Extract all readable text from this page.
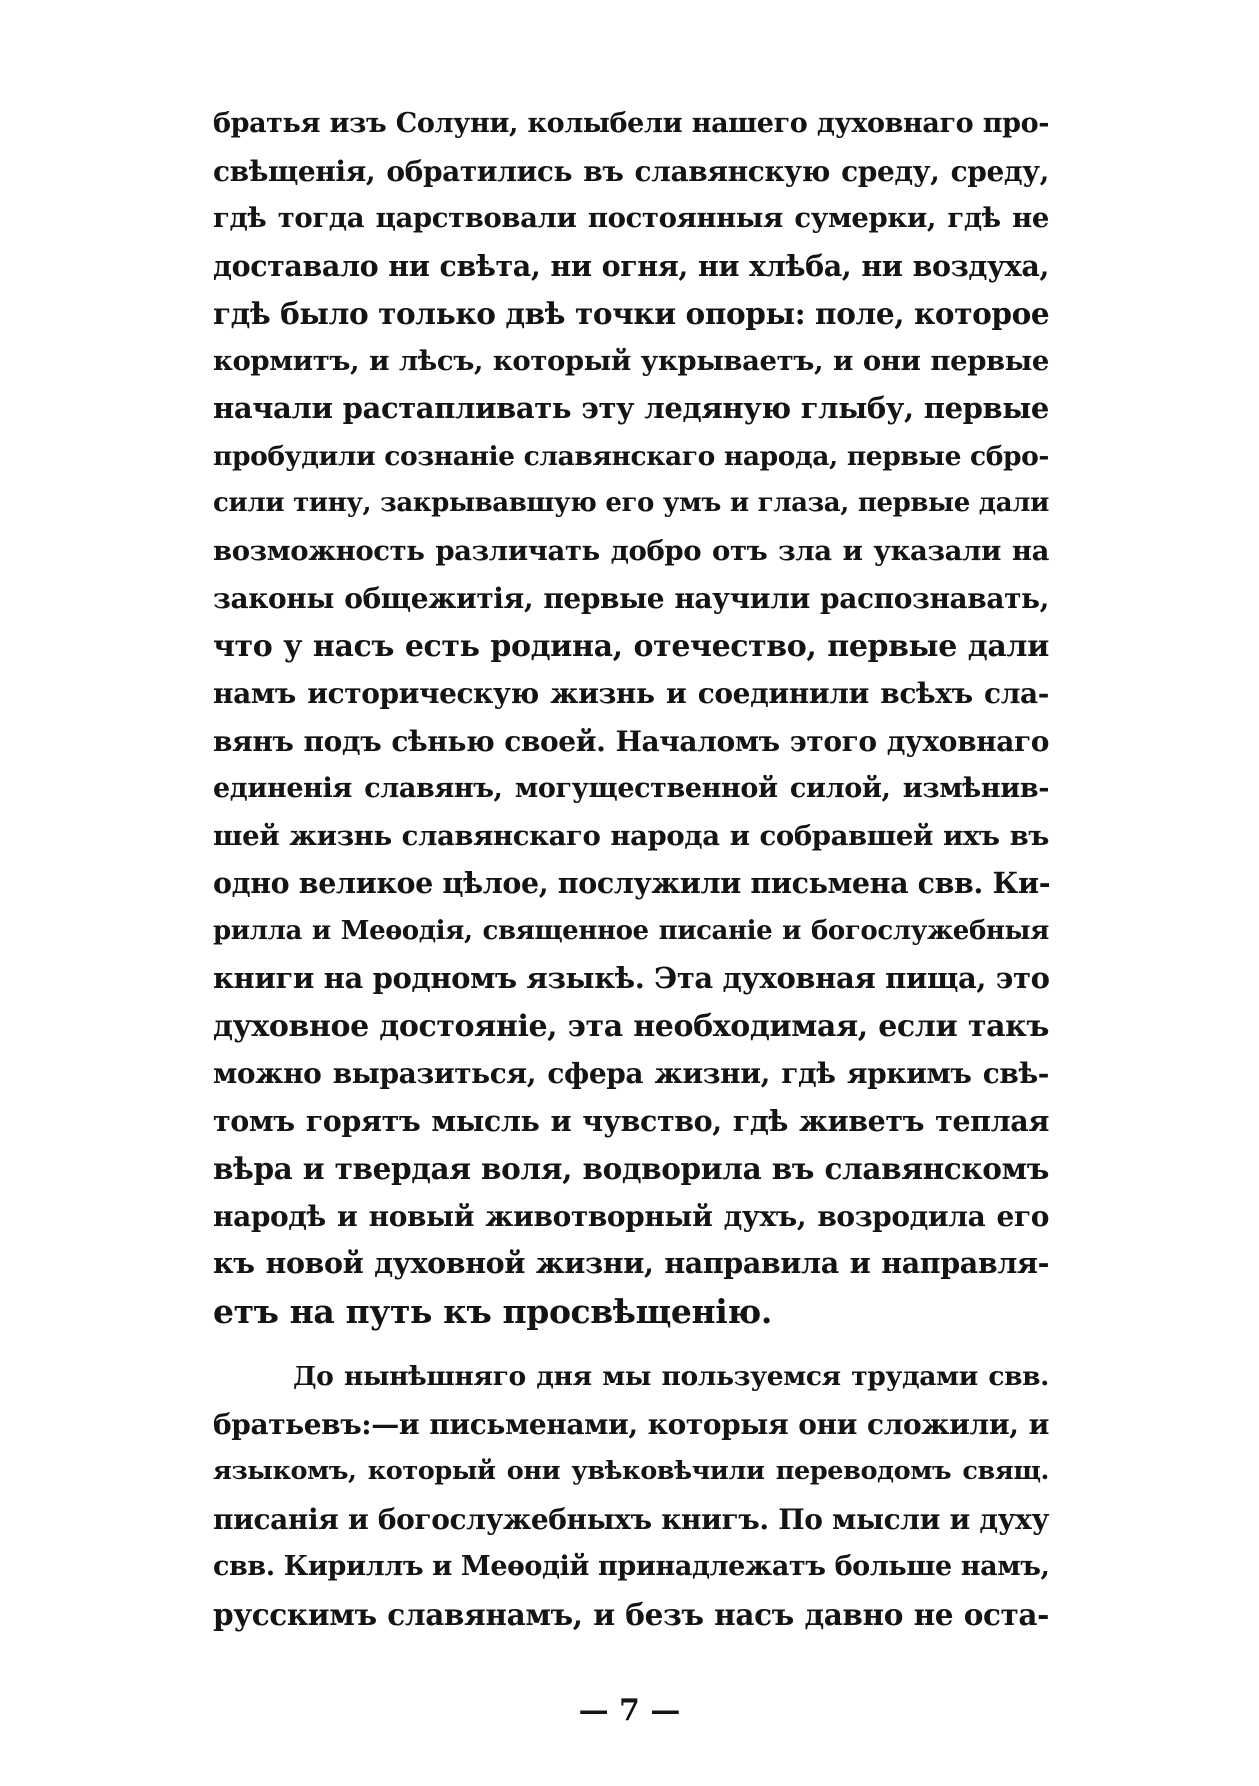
братья изъ Солуни, колыбели нашего духовнаго про-
свѣщенія, обратились въ славянскую среду, среду,
гдѣ тогда царствовали постоянныя сумерки, гдѣ не
доставало ни свѣта, ни огня, ни хлѣба, ни воздуха,
гдѣ было только двѣ точки опоры: поле, которое
кормитъ, и лѣсъ, который укрываетъ, и они первые
начали растапливать эту ледяную глыбу, первые
пробудили сознаніе славянскаго народа, первые сбро-
сили тину, закрывавшую его умъ и глаза, первые дали
возможность различать добро отъ зла и указали на
законы общежитія, первые научили распознавать,
что у насъ есть родина, отечество, первые дали
намъ историческую жизнь и соединили всѣхъ сла-
вянъ подъ сѣнью своей. Началомъ этого духовнаго
единенія славянъ, могущественной силой, измѣнив-
шей жизнь славянскаго народа и собравшей ихъ въ
одно великое цѣлое, послужили письмена свв. Ки-
рилла и Меѳодія, священное писаніе и богослужебныя
книги на родномъ языкѣ. Эта духовная пища, это
духовное достояніе, эта необходимая, если такъ
можно выразиться, сфера жизни, гдѣ яркимъ свѣ-
томъ горятъ мысль и чувство, гдѣ живетъ теплая
вѣра и твердая воля, водворила въ славянскомъ
народѣ и новый животворный духъ, возродила его
къ новой духовной жизни, направила и направля-
етъ на путь къ просвѣщенію.
До нынѣшняго дня мы пользуемся трудами свв.
братьевъ:—и письменами, которыя они сложили, и
языкомъ, который они увѣковѣчили переводомъ свящ.
писанія и богослужебныхъ книгъ. По мысли и духу
свв. Кириллъ и Меѳодій принадлежатъ больше намъ,
русскимъ славянамъ, и безъ насъ давно не оста-
— 7 —
